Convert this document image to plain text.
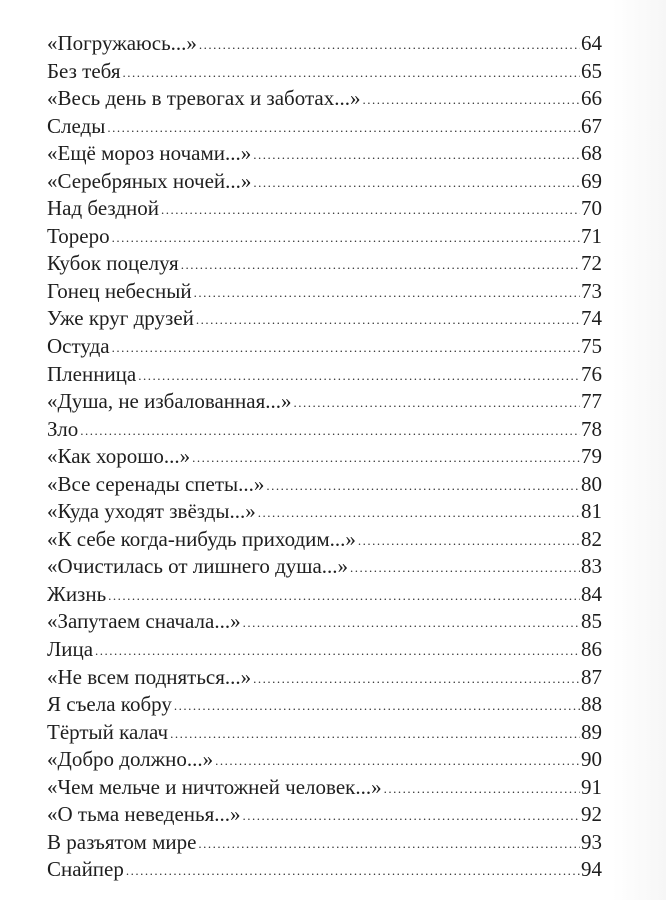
«Погружаюсь...» .....	64
Без тебя .....	65
«Весь день в тревогах и заботах...» .....	66
Следы .....	67
«Ещё мороз ночами...» .....	68
«Серебряных ночей...» .....	69
Над бездной .....	70
Тореро .....	71
Кубок поцелуя .....	72
Гонец небесный .....	73
Уже круг друзей .....	74
Остуда .....	75
Пленница .....	76
«Душа, не избалованная...» .....	77
Зло .....	78
«Как хорошо...» .....	79
«Все серенады спеты...» .....	80
«Куда уходят звёзды...» .....	81
«К себе когда-нибудь приходим...» .....	82
«Очистилась от лишнего душа...» .....	83
Жизнь .....	84
«Запутаем сначала...» .....	85
Лица .....	86
«Не всем подняться...» .....	87
Я съела кобру .....	88
Тёртый калач .....	89
«Добро должно...» .....	90
«Чем мельче и ничтожней человек...» .....	91
«О тьма неведенья...» .....	92
В разъятом мире .....	93
Снайпер .....	94
